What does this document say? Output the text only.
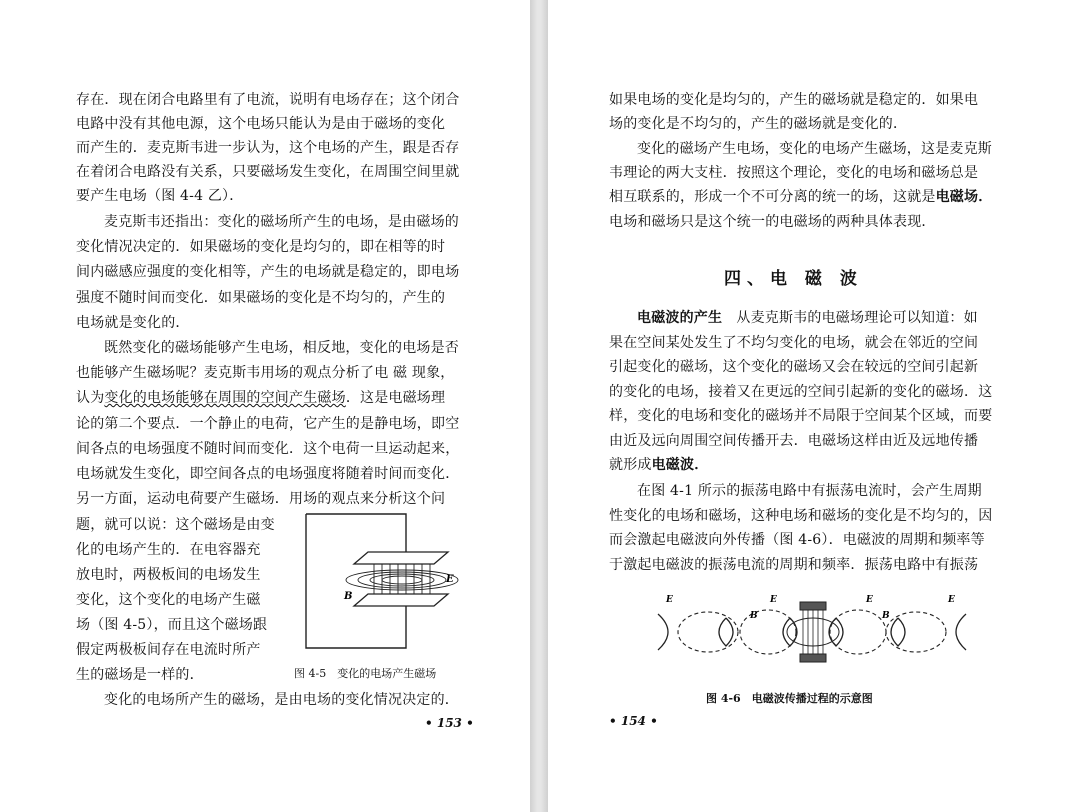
存在．现在闭合电路里有了电流，说明有电场存在；这个闭合
电路中没有其他电源，这个电场只能认为是由于磁场的变化
而产生的．麦克斯韦进一步认为，这个电场的产生，跟是否存
在着闭合电路没有关系，只要磁场发生变化，在周围空间里就
要产生电场（图 4-4 乙）．
麦克斯韦还指出：变化的磁场所产生的电场，是由磁场的
变化情况决定的．如果磁场的变化是均匀的，即在相等的时
间内磁感应强度的变化相等，产生的电场就是稳定的，即电场
强度不随时间而变化．如果磁场的变化是不均匀的，产生的
电场就是变化的．
既然变化的磁场能够产生电场，相反地，变化的电场是否
也能够产生磁场呢？麦克斯韦用场的观点分析了电 磁 现象，
认为变化的电场能够在周围的空间产生磁场．这是电磁场理
论的第二个要点．一个静止的电荷，它产生的是静电场，即空
间各点的电场强度不随时间而变化．这个电荷一旦运动起来，
电场就发生变化，即空间各点的电场强度将随着时间而变化．
另一方面，运动电荷要产生磁场．用场的观点来分析这个问
题，就可以说：这个磁场是由变
化的电场产生的．在电容器充
放电时，两极板间的电场发生
变化，这个变化的电场产生磁
场（图 4-5），而且这个磁场跟
假定两极板间存在电流时所产
生的磁场是一样的．
变化的电场所产生的磁场，是由电场的变化情况决定的．
B
E
图 4-5　变化的电场产生磁场
• 153 •
如果电场的变化是均匀的，产生的磁场就是稳定的．如果电
场的变化是不均匀的，产生的磁场就是变化的．
变化的磁场产生电场，变化的电场产生磁场，这是麦克斯
韦理论的两大支柱．按照这个理论，变化的电场和磁场总是
相互联系的，形成一个不可分离的统一的场，这就是电磁场．
电场和磁场只是这个统一的电磁场的两种具体表现．
四、电 磁 波
电磁波的产生　 从麦克斯韦的电磁场理论可以知道：如
果在空间某处发生了不均匀变化的电场，就会在邻近的空间
引起变化的磁场，这个变化的磁场又会在较远的空间引起新
的变化的电场，接着又在更远的空间引起新的变化的磁场．这
样，变化的电场和变化的磁场并不局限于空间某个区域，而要
由近及远向周围空间传播开去．电磁场这样由近及远地传播
就形成电磁波．
在图 4-1 所示的振荡电路中有振荡电流时，会产生周期
性变化的电场和磁场，这种电场和磁场的变化是不均匀的，因
而会激起电磁波向外传播（图 4-6）．电磁波的周期和频率等
于激起电磁波的振荡电流的周期和频率．振荡电路中有振荡
E	E	E	E
B	B
图 4-6　电磁波传播过程的示意图
• 154 •
